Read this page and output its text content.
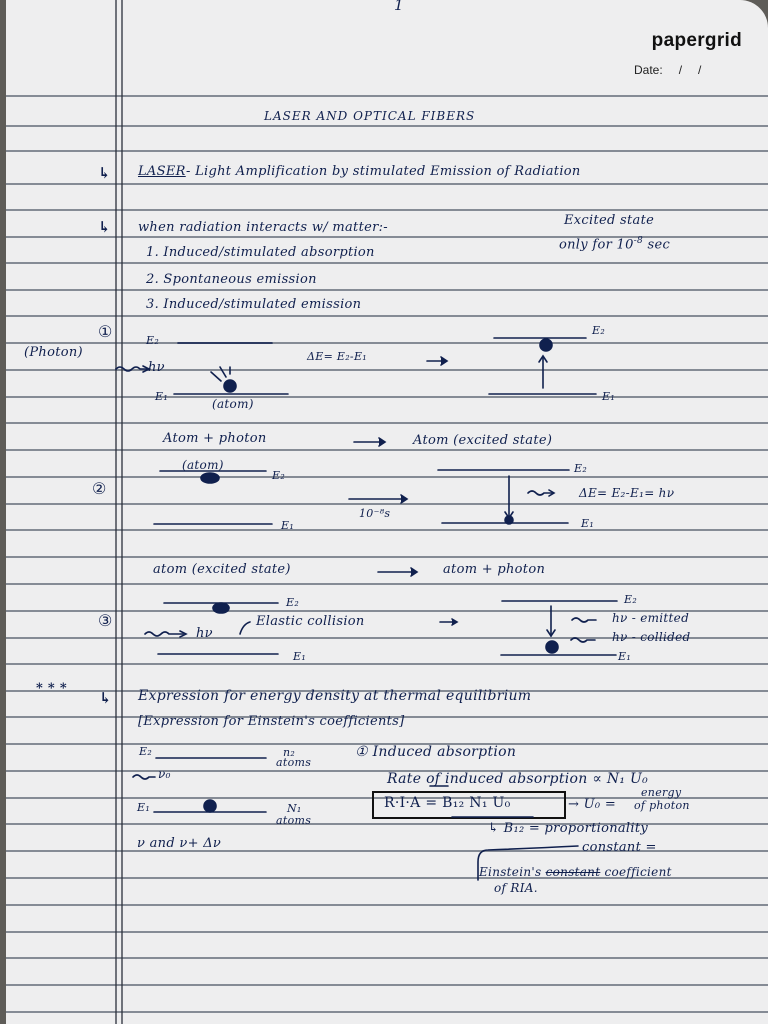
1
papergrid
Date: / /
LASER AND OPTICAL FIBERS
↳ LASER - Light Amplification by stimulated Emission of Radiation
↳ when radiation interacts w/ matter:-
1. Induced/stimulated absorption
2. Spontaneous emission
3. Induced/stimulated emission
Excited state
only for $10^{-8}$ sec
①
(Photon)
E₂
hν
E₁
(atom)
ΔE= E₂-E₁
E₂
E₁
Atom + photon	Atom (excited state)
(atom)
E₂
②
E₁
10⁻⁸s
E₂
E₁
ΔE= E₂-E₁= hν
atom (excited state)	atom + photon
③
E₂
hν
Elastic collision
E₁
E₂
E₁
hν - emitted
hν - collided
* * *
↳ Expression for energy density at thermal equilibrium
[Expression for Einstein's coefficients]
E₂	n₂
atoms
ν₀
E₁	N₁
atoms
ν and ν+ Δν
① Induced absorption
Rate of induced absorption ∝ N₁ U₀
R·I·A = B₁₂ N₁ U₀	→ U₀ =
energy
of photon
↳ B₁₂ = proportionality
constant =
Einstein's constant coefficient
of RIA.
